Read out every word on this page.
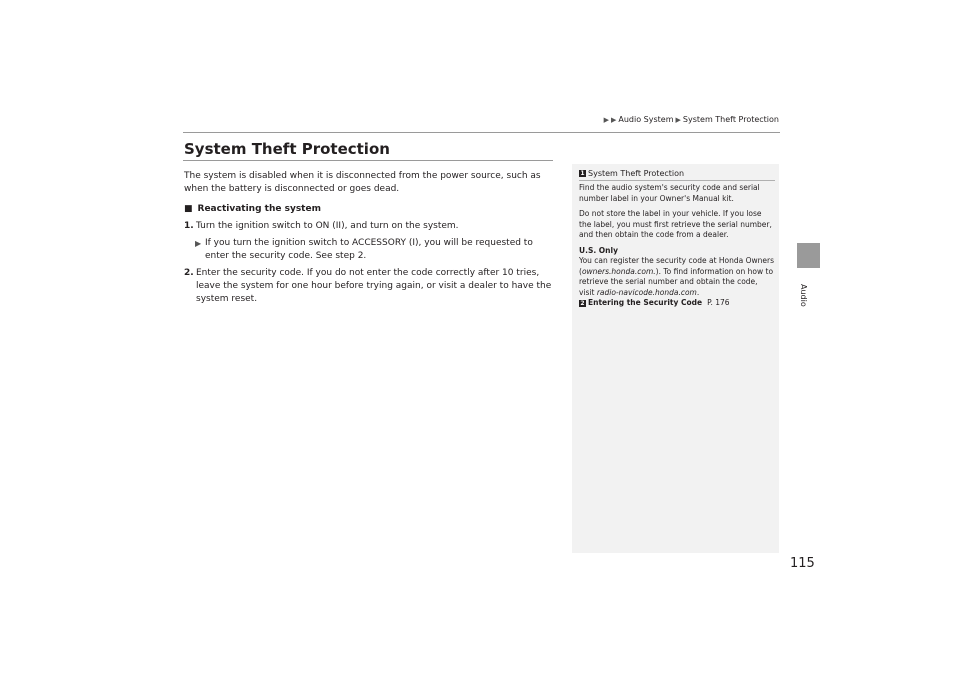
▶ ▶ Audio System ▶ System Theft Protection
Audio
System Theft Protection

The system is disabled when it is disconnected from the power source, such as when the battery is disconnected or goes dead.

■ Reactivating the system

1. Turn the ignition switch to ON (II), and turn on the system.

▶ If you turn the ignition switch to ACCESSORY (I), you will be requested to enter the security code. See step 2.

2. Enter the security code. If you do not enter the code correctly after 10 tries, leave the system for one hour before trying again, or visit a dealer to have the system reset.

1 System Theft Protection

Find the audio system's security code and serial number label in your Owner's Manual kit.

Do not store the label in your vehicle. If you lose the label, you must first retrieve the serial number, and then obtain the code from a dealer.

U.S. Only

You can register the security code at Honda Owners (owners.honda.com.). To find information on how to retrieve the serial number and obtain the code, visit radio-navicode.honda.com.

2 Entering the Security Code P. 176

115
